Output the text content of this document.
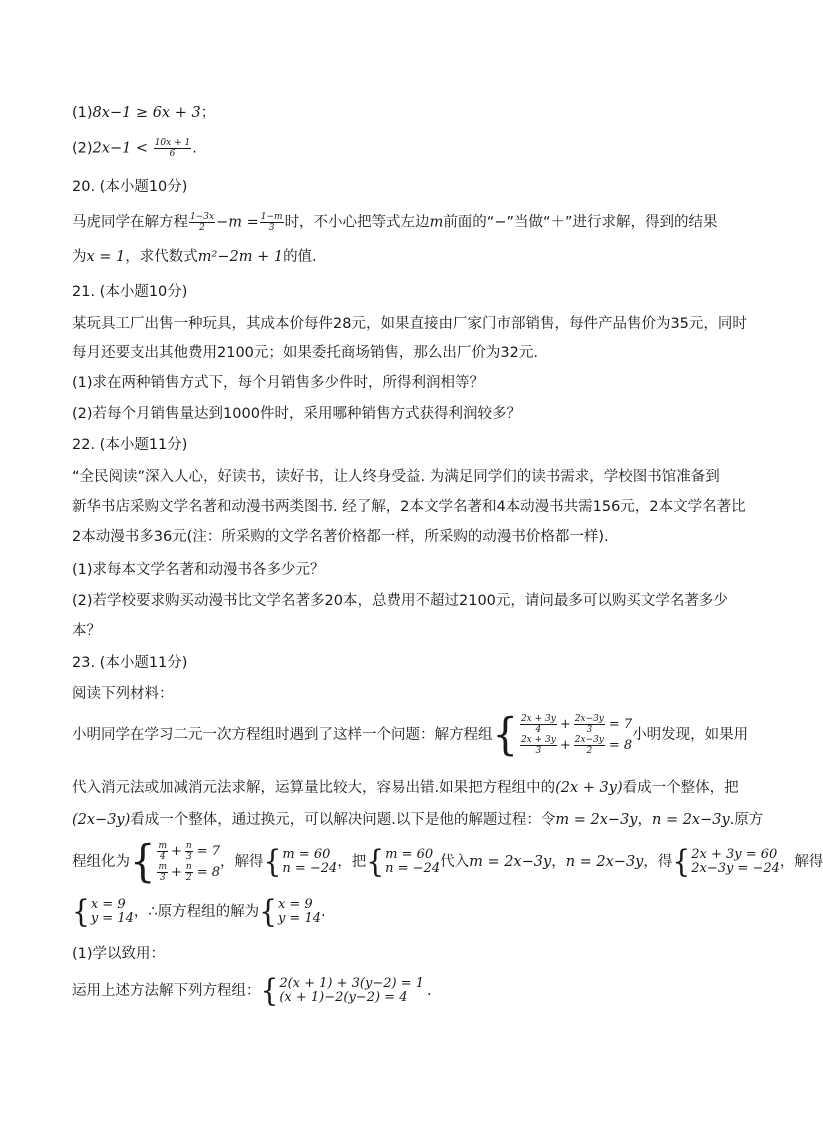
(1)8x−1 ≥ 6x + 3；
$(2)2x-1 < \frac{10x + 1}{6}$ .
20. (本小题10分)
马虎同学在解方程 $\frac{1-3x}{2} -m = \frac{1-m}{3}$ 时，不小心把等式左边m前面的“−”当做“＋”进行求解，得到的结果
为x = 1，求代数式m²−2m + 1的值.
21. (本小题10分)
某玩具工厂出售一种玩具，其成本价每件28元，如果直接由厂家门市部销售，每件产品售价为35元，同时
每月还要支出其他费用2100元；如果委托商场销售，那么出厂价为32元.
(1)求在两种销售方式下，每个月销售多少件时，所得利润相等？
(2)若每个月销售量达到1000件时，采用哪种销售方式获得利润较多？
22. (本小题11分)
“全民阅读”深入人心，好读书，读好书，让人终身受益. 为满足同学们的读书需求，学校图书馆准备到
新华书店采购文学名著和动漫书两类图书. 经了解，2本文学名著和4本动漫书共需156元，2本文学名著比
2本动漫书多36元(注：所采购的文学名著价格都一样，所采购的动漫书价格都一样).
(1)求每本文学名著和动漫书各多少元？
(2)若学校要求购买动漫书比文学名著多20本，总费用不超过2100元，请问最多可以购买文学名著多少
本？
23. (本小题11分)
阅读下列材料：
小明同学在学习二元一次方程组时遇到了这样一个问题：解方程组 { $\frac{2x + 3y}{4} + \frac{2x-3y}{3} = 7$
$\frac{2x + 3y}{3} + \frac{2x-3y}{2} = 8$
小明发现，如果用
代入消元法或加减消元法求解，运算量比较大，容易出错.如果把方程组中的(2x + 3y)看成一个整体，把
(2x−3y)看成一个整体，通过换元，可以解决问题.以下是他的解题过程：令m = 2x−3y，n = 2x−3y.原方
程组化为 { $\frac{m}{4} + \frac{n}{3} = 7$
$\frac{m}{3} + \frac{n}{2} = 8$
，解得 { m = 60
n = −24 ，把 { m = 60
n = −24 代入 m = 2x−3y ， n = 2x−3y ，得 { 2x + 3y = 60
2x−3y = −24 ，解得
{ x = 9
y = 14 ，∴原方程组的解为 { x = 9
y = 14 .
(1)学以致用：
运用上述方法解下列方程组： { 2(x + 1) + 3(y−2) = 1
(x + 1)−2(y−2) = 4	.
